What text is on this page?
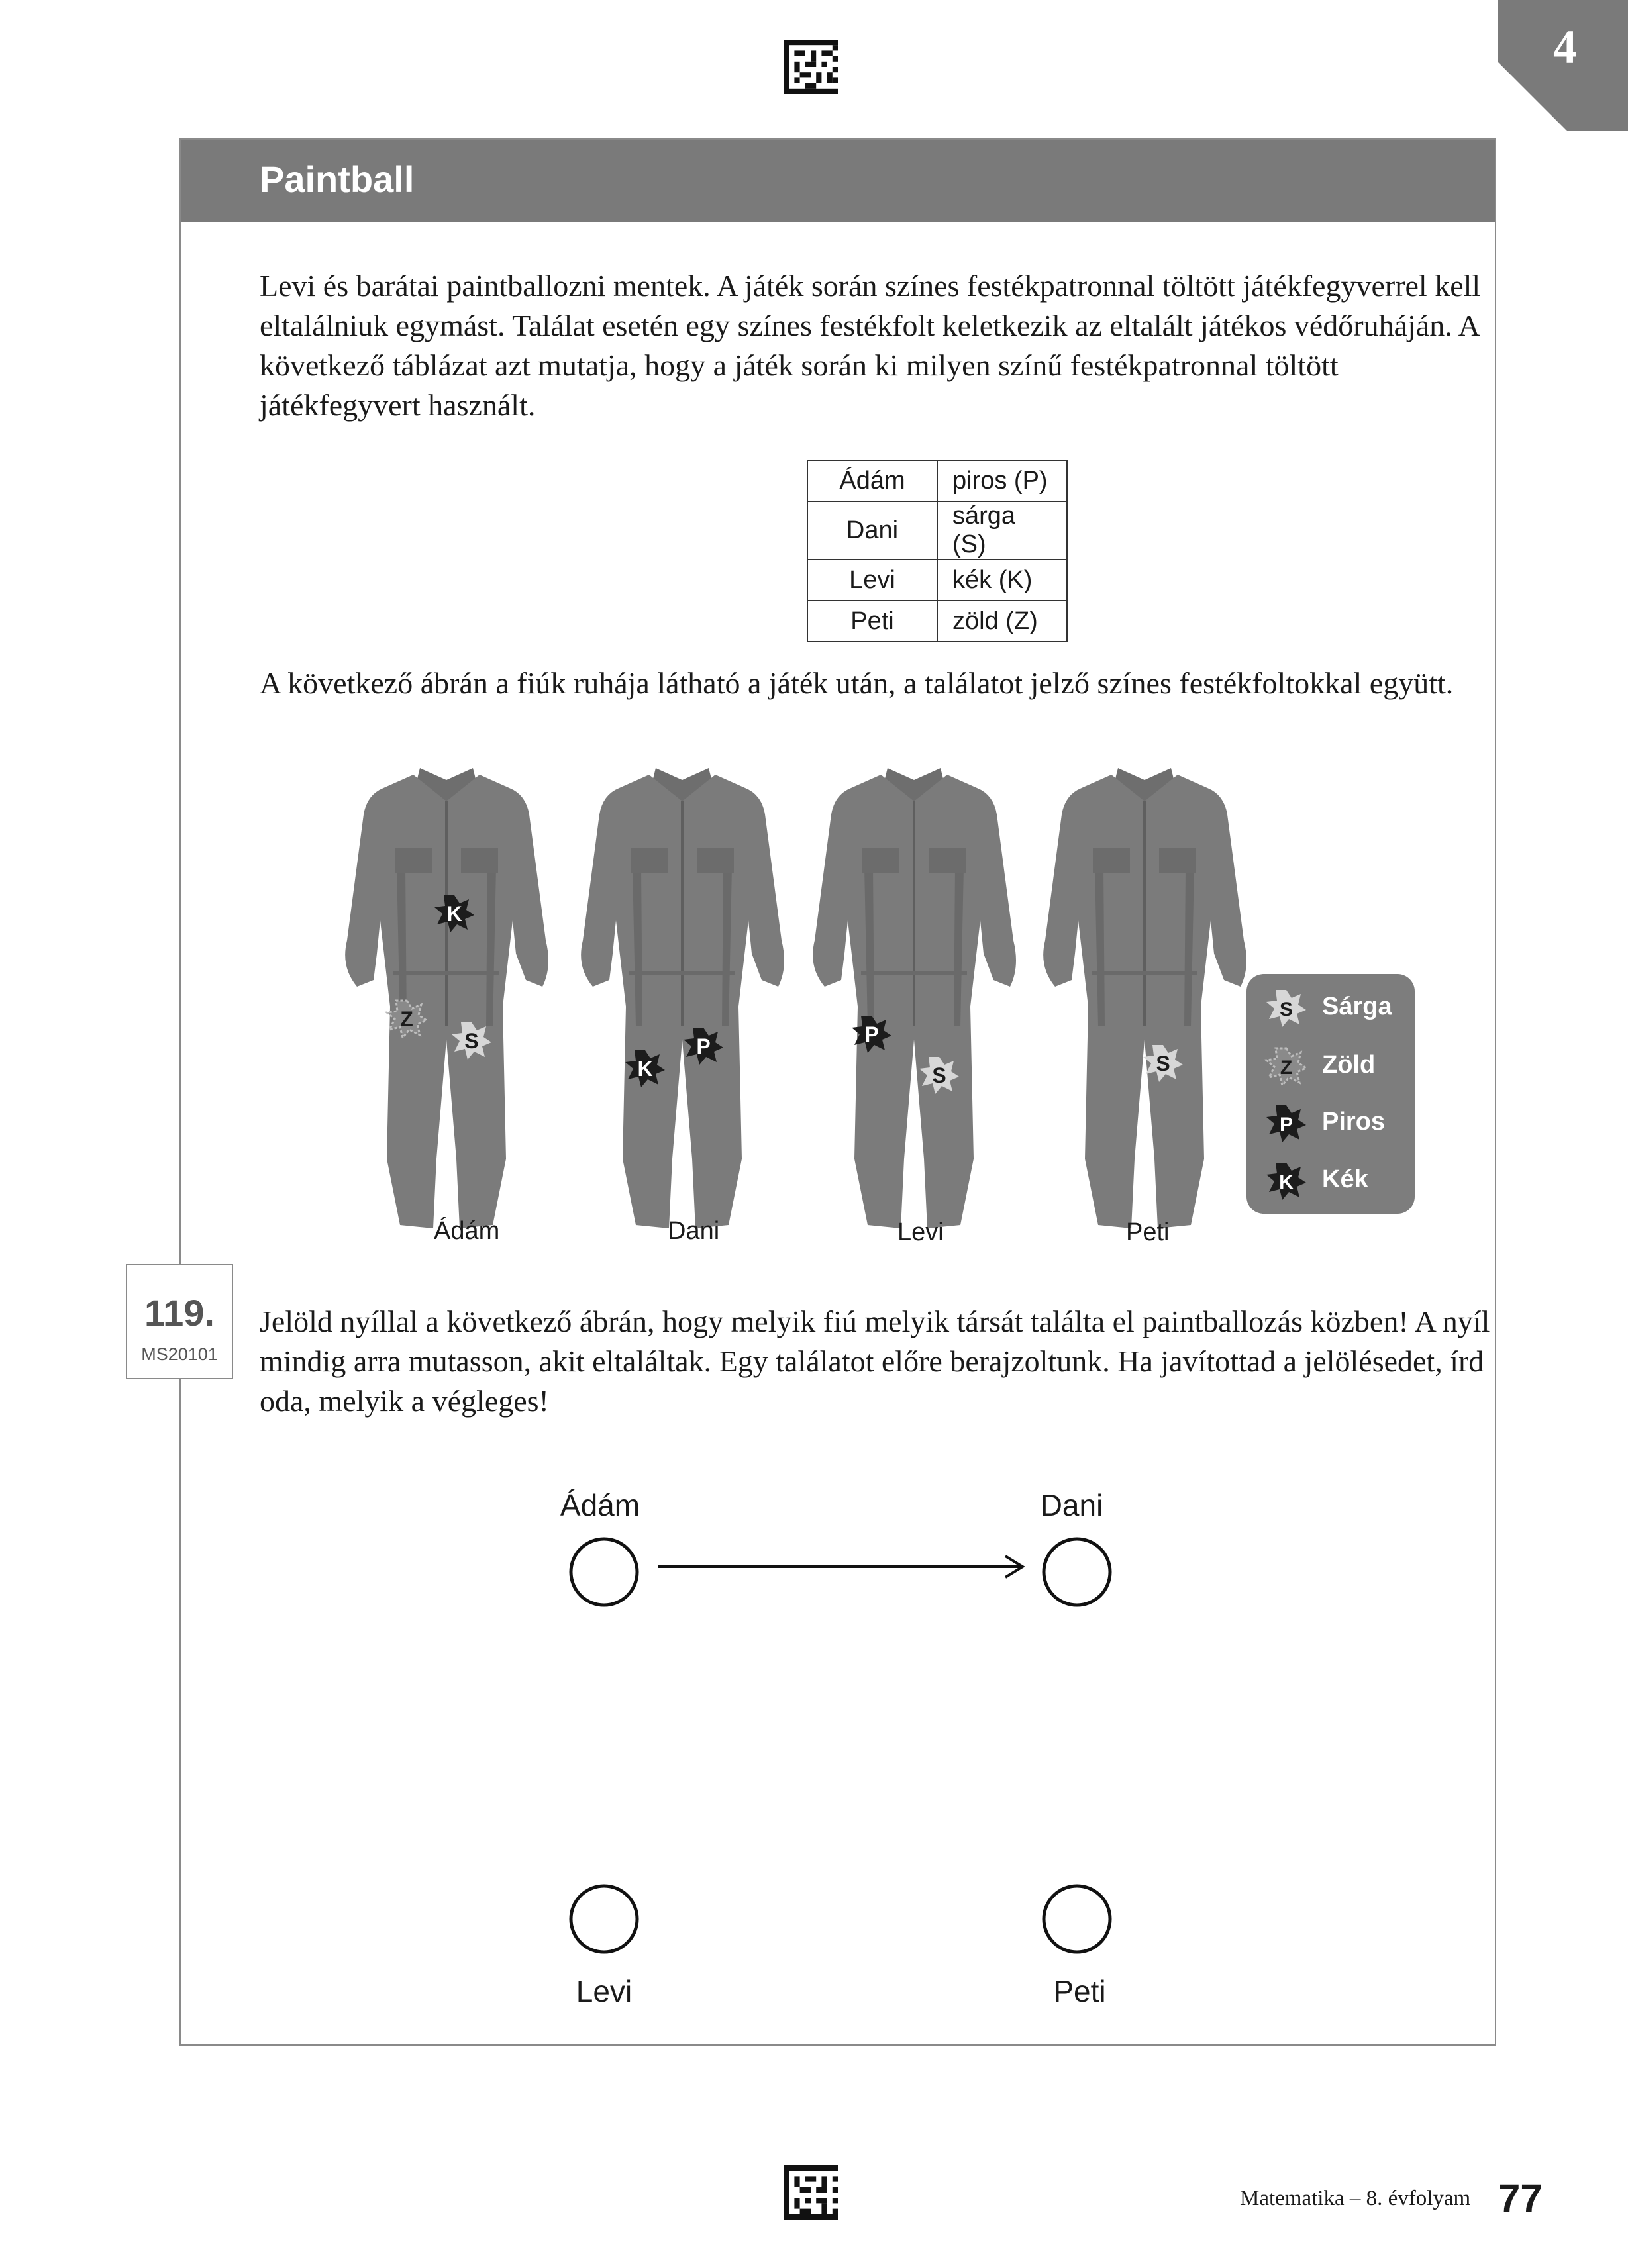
4
Paintball
Levi és barátai paintballozni mentek. A játék során színes festékpatronnal töltött játékfegyverrel kell eltalálniuk egymást. Találat esetén egy színes festékfolt keletkezik az eltalált játékos védőruháján. A következő táblázat azt mutatja, hogy a játék során ki milyen színű festékpatronnal töltött játékfegyvert használt.
Ádám	piros (P)
Dani	sárga (S)
Levi	kék (K)
Peti	zöld (Z)
A következő ábrán a fiúk ruhája látható a játék után, a találatot jelző színes festékfoltokkal együtt.
K
Z
S
K
P	P
S	S
S
Z
P
K
Ádám	Dani	Levi	Peti
Sárga
Zöld
Piros
Kék
119.
MS20101
Jelöld nyíllal a következő ábrán, hogy melyik fiú melyik társát találta el paintballozás közben! A nyíl mindig arra mutasson, akit eltaláltak. Egy találatot előre berajzoltunk. Ha javítottad a jelölésedet, írd oda, melyik a végleges!
Ádám	Dani
Levi	Peti
Matematika – 8. évfolyam 77
